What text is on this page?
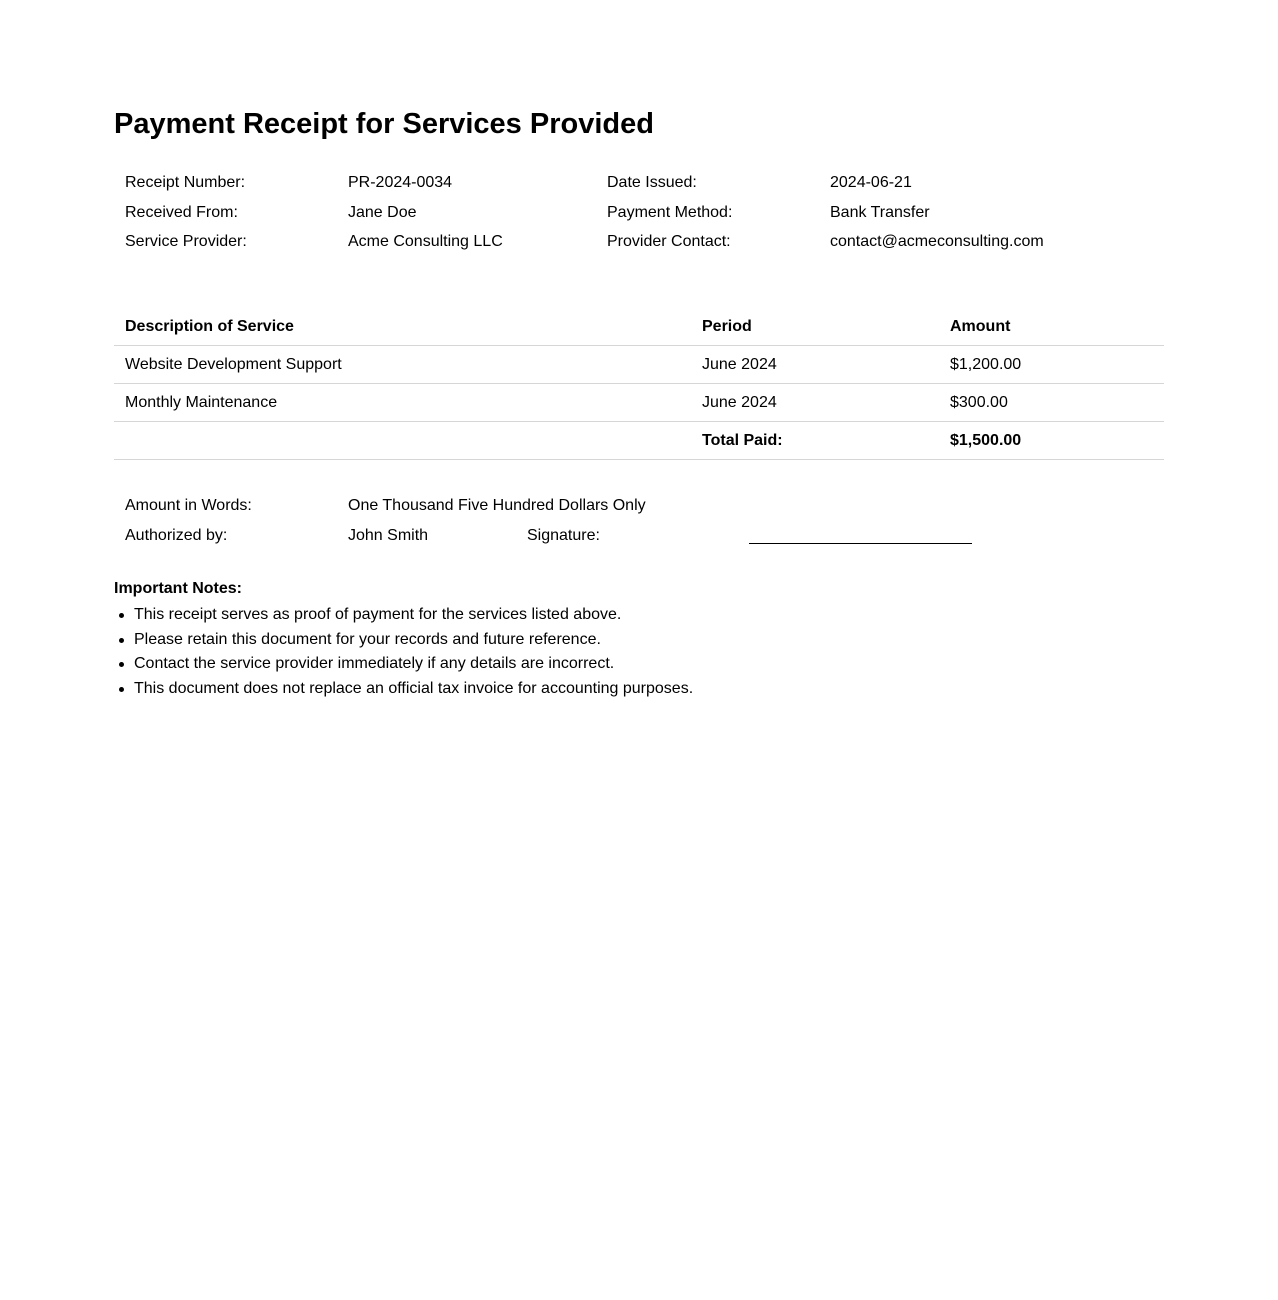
Payment Receipt for Services Provided
Receipt Number:	PR-2024-0034	Date Issued:	2024-06-21
Received From:	Jane Doe	Payment Method:	Bank Transfer
Service Provider:	Acme Consulting LLC	Provider Contact:	contact@acmeconsulting.com
Description of Service	Period	Amount
Website Development Support	June 2024	$1,200.00
Monthly Maintenance	June 2024	$300.00
	Total Paid:	$1,500.00
Amount in Words:	One Thousand Five Hundred Dollars Only
Authorized by:	John Smith	Signature:
Important Notes:
This receipt serves as proof of payment for the services listed above.
Please retain this document for your records and future reference.
Contact the service provider immediately if any details are incorrect.
This document does not replace an official tax invoice for accounting purposes.
